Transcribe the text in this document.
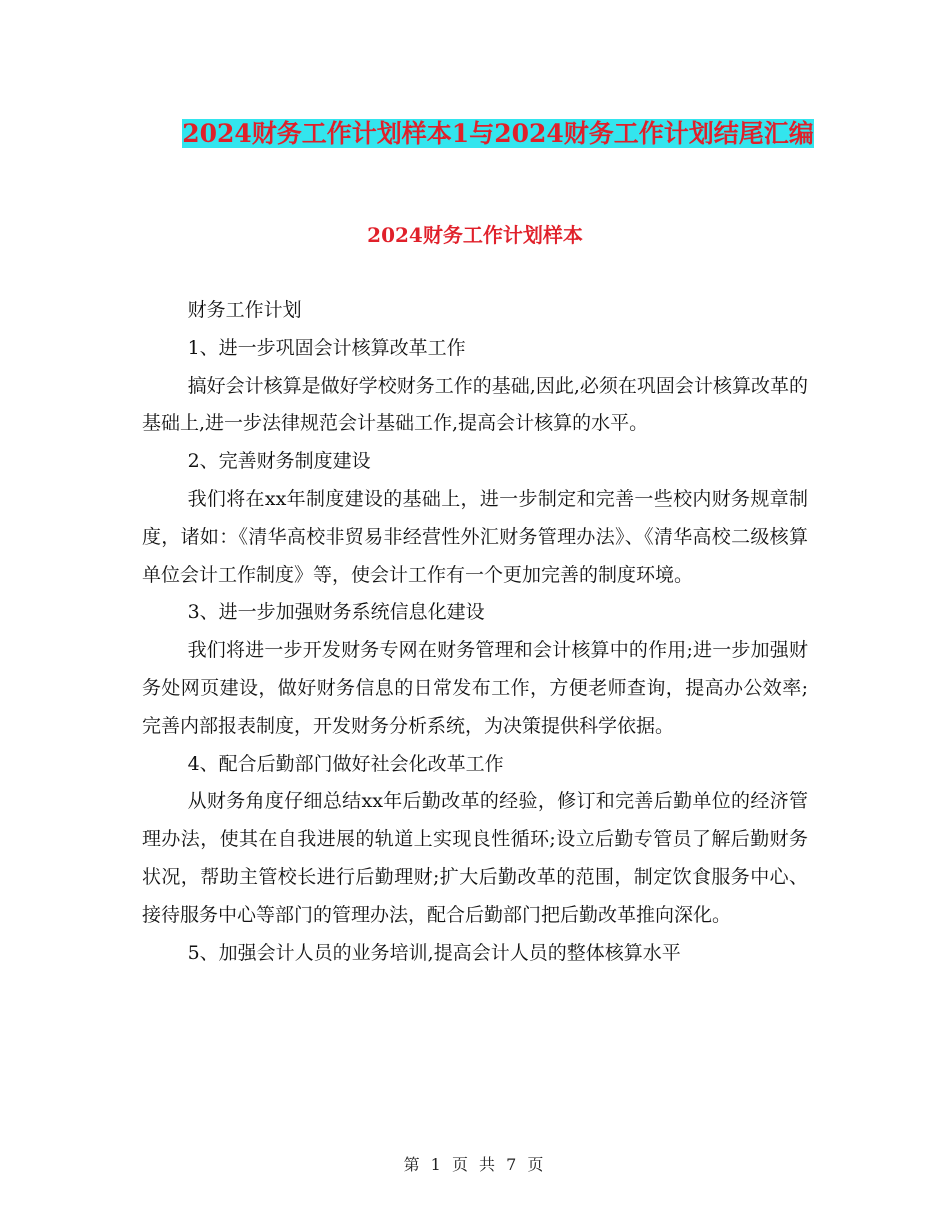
2024财务工作计划样本1与2024财务工作计划结尾汇编
2024财务工作计划样本

财务工作计划

1、进一步巩固会计核算改革工作

搞好会计核算是做好学校财务工作的基础,因此,必须在巩固会计核算改革的基础上,进一步法律规范会计基础工作,提高会计核算的水平。

2、完善财务制度建设

我们将在xx年制度建设的基础上，进一步制定和完善一些校内财务规章制度，诸如：《清华高校非贸易非经营性外汇财务管理办法》、《清华高校二级核算单位会计工作制度》等，使会计工作有一个更加完善的制度环境。

3、进一步加强财务系统信息化建设

我们将进一步开发财务专网在财务管理和会计核算中的作用;进一步加强财务处网页建设，做好财务信息的日常发布工作，方便老师查询，提高办公效率;完善内部报表制度，开发财务分析系统，为决策提供科学依据。

4、配合后勤部门做好社会化改革工作

从财务角度仔细总结xx年后勤改革的经验，修订和完善后勤单位的经济管理办法，使其在自我进展的轨道上实现良性循环;设立后勤专管员了解后勤财务状况，帮助主管校长进行后勤理财;扩大后勤改革的范围，制定饮食服务中心、接待服务中心等部门的管理办法，配合后勤部门把后勤改革推向深化。

5、加强会计人员的业务培训,提高会计人员的整体核算水平

第 1 页 共 7 页
